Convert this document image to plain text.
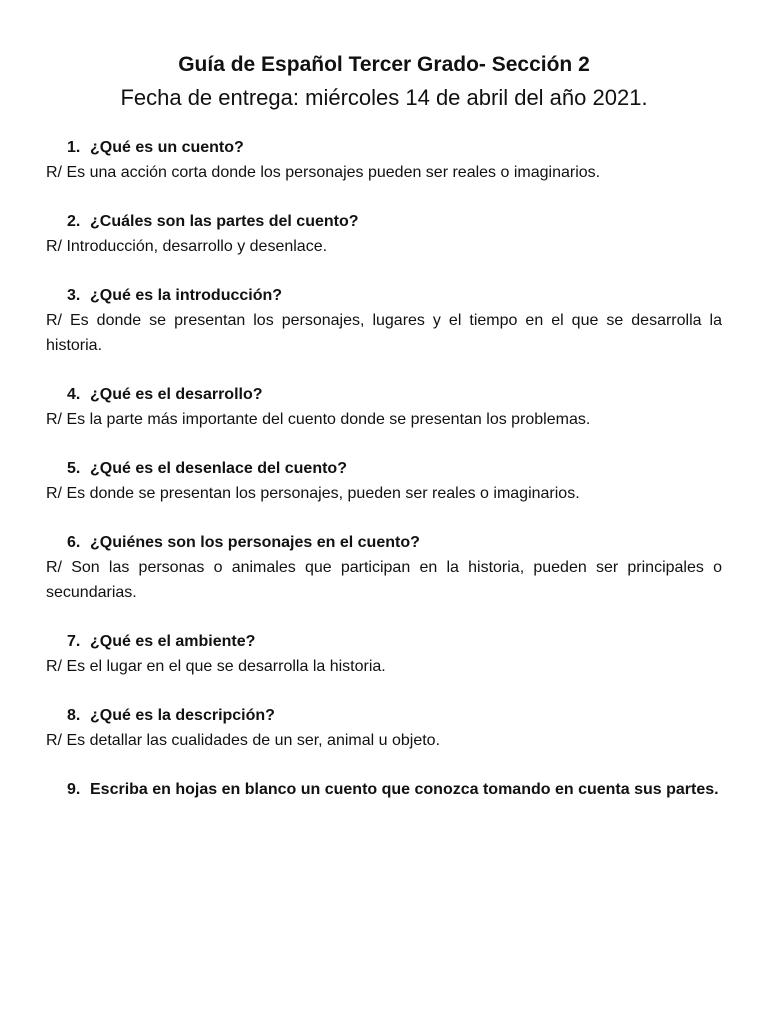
Guía de Español Tercer Grado- Sección 2

Fecha de entrega: miércoles 14 de abril del año 2021.

1. ¿Qué es un cuento?
R/ Es una acción corta donde los personajes pueden ser reales o imaginarios.
2. ¿Cuáles son las partes del cuento?
R/ Introducción, desarrollo y desenlace.
3. ¿Qué es la introducción?
R/ Es donde se presentan los personajes, lugares y el tiempo en el que se desarrolla la historia.
4. ¿Qué es el desarrollo?
R/ Es la parte más importante del cuento donde se presentan los problemas.
5. ¿Qué es el desenlace del cuento?
R/ Es donde se presentan los personajes, pueden ser reales o imaginarios.
6. ¿Quiénes son los personajes en el cuento?
R/ Son las personas o animales que participan en la historia, pueden ser principales o secundarias.
7. ¿Qué es el ambiente?
R/ Es el lugar en el que se desarrolla la historia.
8. ¿Qué es la descripción?
R/ Es detallar las cualidades de un ser, animal u objeto.
9. Escriba en hojas en blanco un cuento que conozca tomando en cuenta sus partes.
